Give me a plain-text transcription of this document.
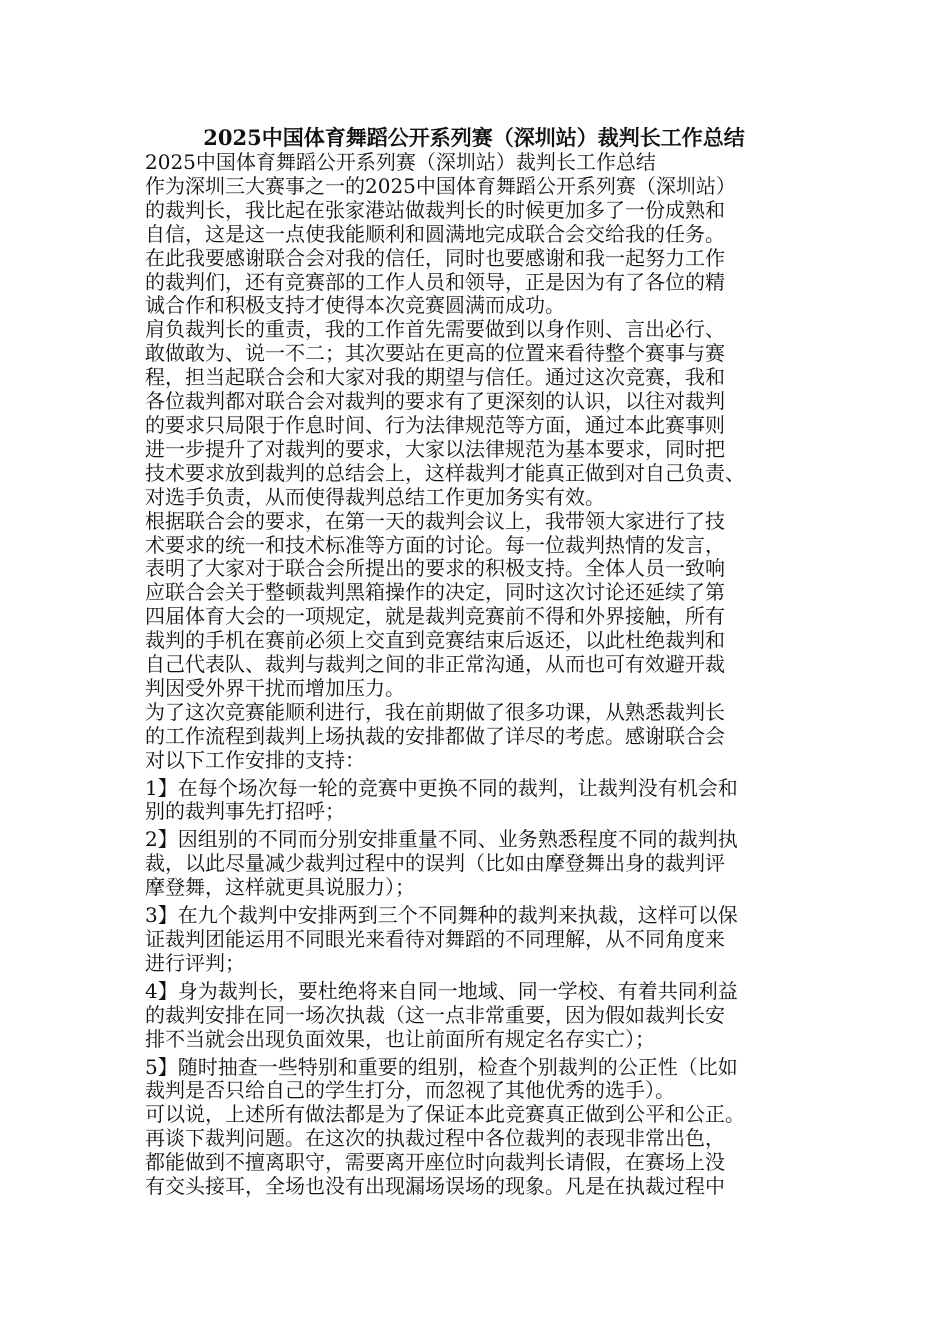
2025中国体育舞蹈公开系列赛（深圳站）裁判长工作总结

2025中国体育舞蹈公开系列赛（深圳站）裁判长工作总结

作为深圳三大赛事之一的2025中国体育舞蹈公开系列赛（深圳站）

的裁判长，我比起在张家港站做裁判长的时候更加多了一份成熟和

自信，这是这一点使我能顺利和圆满地完成联合会交给我的任务。

在此我要感谢联合会对我的信任，同时也要感谢和我一起努力工作

的裁判们，还有竞赛部的工作人员和领导，正是因为有了各位的精

诚合作和积极支持才使得本次竞赛圆满而成功。

肩负裁判长的重责，我的工作首先需要做到以身作则、言出必行、

敢做敢为、说一不二；其次要站在更高的位置来看待整个赛事与赛

程，担当起联合会和大家对我的期望与信任。通过这次竞赛，我和

各位裁判都对联合会对裁判的要求有了更深刻的认识，以往对裁判

的要求只局限于作息时间、行为法律规范等方面，通过本此赛事则

进一步提升了对裁判的要求，大家以法律规范为基本要求，同时把

技术要求放到裁判的总结会上，这样裁判才能真正做到对自己负责、

对选手负责，从而使得裁判总结工作更加务实有效。

根据联合会的要求，在第一天的裁判会议上，我带领大家进行了技

术要求的统一和技术标准等方面的讨论。每一位裁判热情的发言，

表明了大家对于联合会所提出的要求的积极支持。全体人员一致响

应联合会关于整顿裁判黑箱操作的决定，同时这次讨论还延续了第

四届体育大会的一项规定，就是裁判竞赛前不得和外界接触，所有

裁判的手机在赛前必须上交直到竞赛结束后返还，以此杜绝裁判和

自己代表队、裁判与裁判之间的非正常沟通，从而也可有效避开裁

判因受外界干扰而增加压力。

为了这次竞赛能顺利进行，我在前期做了很多功课，从熟悉裁判长

的工作流程到裁判上场执裁的安排都做了详尽的考虑。感谢联合会

对以下工作安排的支持：

1】在每个场次每一轮的竞赛中更换不同的裁判，让裁判没有机会和

别的裁判事先打招呼；

2】因组别的不同而分别安排重量不同、业务熟悉程度不同的裁判执

裁，以此尽量减少裁判过程中的误判（比如由摩登舞出身的裁判评

摩登舞，这样就更具说服力）；

3】在九个裁判中安排两到三个不同舞种的裁判来执裁，这样可以保

证裁判团能运用不同眼光来看待对舞蹈的不同理解，从不同角度来

进行评判；

4】身为裁判长，要杜绝将来自同一地域、同一学校、有着共同利益

的裁判安排在同一场次执裁（这一点非常重要，因为假如裁判长安

排不当就会出现负面效果，也让前面所有规定名存实亡）；

5】随时抽查一些特别和重要的组别，检查个别裁判的公正性（比如

裁判是否只给自己的学生打分，而忽视了其他优秀的选手）。

可以说，上述所有做法都是为了保证本此竞赛真正做到公平和公正。

再谈下裁判问题。在这次的执裁过程中各位裁判的表现非常出色，

都能做到不擅离职守，需要离开座位时向裁判长请假，在赛场上没

有交头接耳，全场也没有出现漏场误场的现象。凡是在执裁过程中
